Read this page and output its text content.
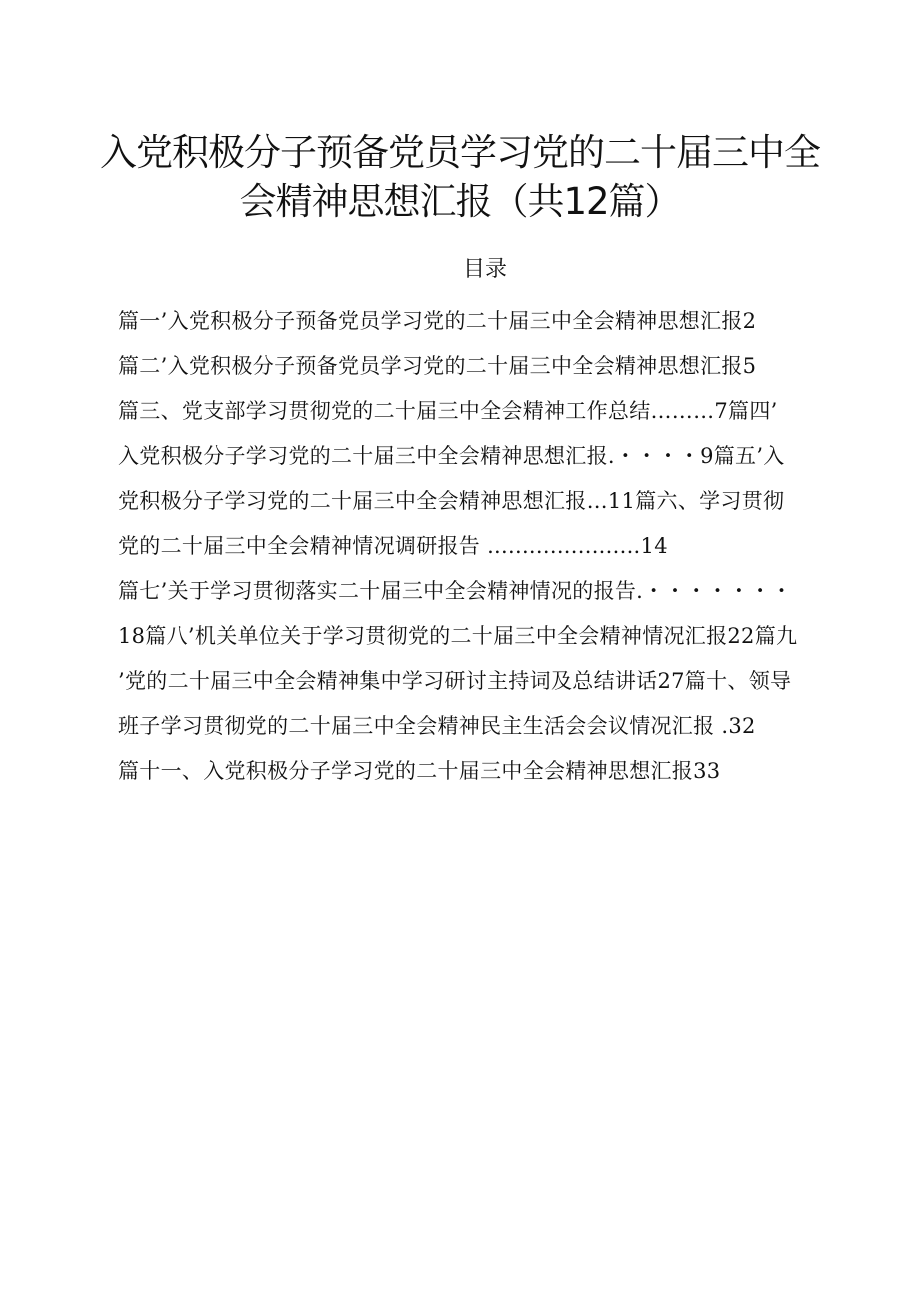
入党积极分子预备党员学习党的二十届三中全
会精神思想汇报（共12篇）
目录
篇一’入党积极分子预备党员学习党的二十届三中全会精神思想汇报2
篇二’入党积极分子预备党员学习党的二十届三中全会精神思想汇报5
篇三、党支部学习贯彻党的二十届三中全会精神工作总结………7篇四’
入党积极分子学习党的二十届三中全会精神思想汇报.・・・・9篇五’入
党积极分子学习党的二十届三中全会精神思想汇报…11篇六、学习贯彻
党的二十届三中全会精神情况调研报告 ......................14
篇七’关于学习贯彻落实二十届三中全会精神情况的报告.・・・・・・・
18篇八’机关单位关于学习贯彻党的二十届三中全会精神情况汇报22篇九
’党的二十届三中全会精神集中学习研讨主持词及总结讲话27篇十、领导
班子学习贯彻党的二十届三中全会精神民主生活会会议情况汇报 .32
篇十一、入党积极分子学习党的二十届三中全会精神思想汇报33
